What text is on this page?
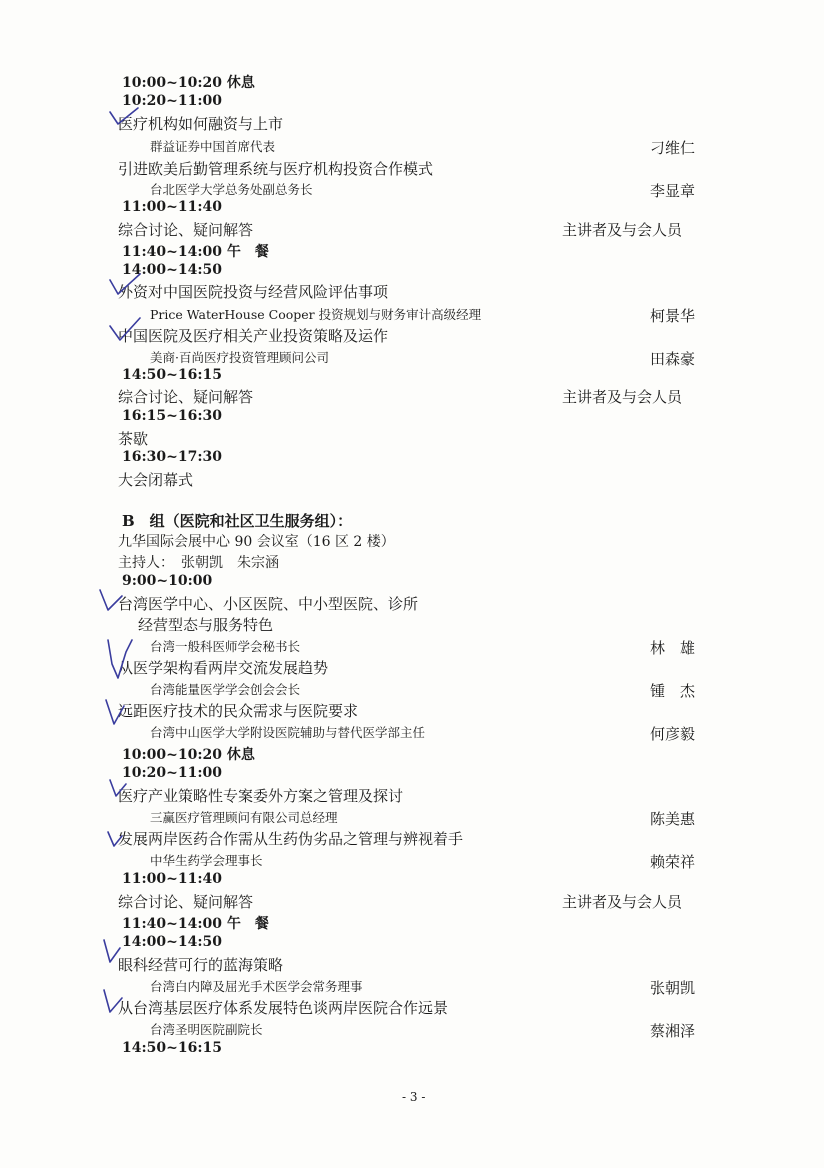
10:00~10:20 休息
10:20~11:00
医疗机构如何融资与上市
群益证券中国首席代表	刁维仁
引进欧美后勤管理系统与医疗机构投资合作模式
台北医学大学总务处副总务长	李显章
11:00~11:40
综合讨论、疑问解答	主讲者及与会人员
11:40~14:00 午　餐
14:00~14:50
外资对中国医院投资与经营风险评估事项
Price WaterHouse Cooper 投资规划与财务审计高级经理	柯景华
中国医院及医疗相关产业投资策略及运作
美商·百尚医疗投资管理顾问公司	田森豪
14:50~16:15
综合讨论、疑问解答	主讲者及与会人员
16:15~16:30
茶歇
16:30~17:30
大会闭幕式
B　组（医院和社区卫生服务组）：
九华国际会展中心 90 会议室（16 区 2 楼）
主持人：　张朝凯　朱宗涵
9:00~10:00
台湾医学中心、小区医院、中小型医院、诊所
经营型态与服务特色
台湾一般科医师学会秘书长	林　雄
从医学架构看两岸交流发展趋势
台湾能量医学学会创会会长	锺　杰
远距医疗技术的民众需求与医院要求
台湾中山医学大学附设医院辅助与替代医学部主任	何彦毅
10:00~10:20 休息
10:20~11:00
医疗产业策略性专案委外方案之管理及探讨
三赢医疗管理顾问有限公司总经理	陈美惠
发展两岸医药合作需从生药伪劣品之管理与辨视着手
中华生药学会理事长	赖荣祥
11:00~11:40
综合讨论、疑问解答	主讲者及与会人员
11:40~14:00 午　餐
14:00~14:50
眼科经营可行的蓝海策略
台湾白内障及屈光手术医学会常务理事	张朝凯
从台湾基层医疗体系发展特色谈两岸医院合作远景
台湾圣明医院副院长	蔡湘泽
14:50~16:15
- 3 -
